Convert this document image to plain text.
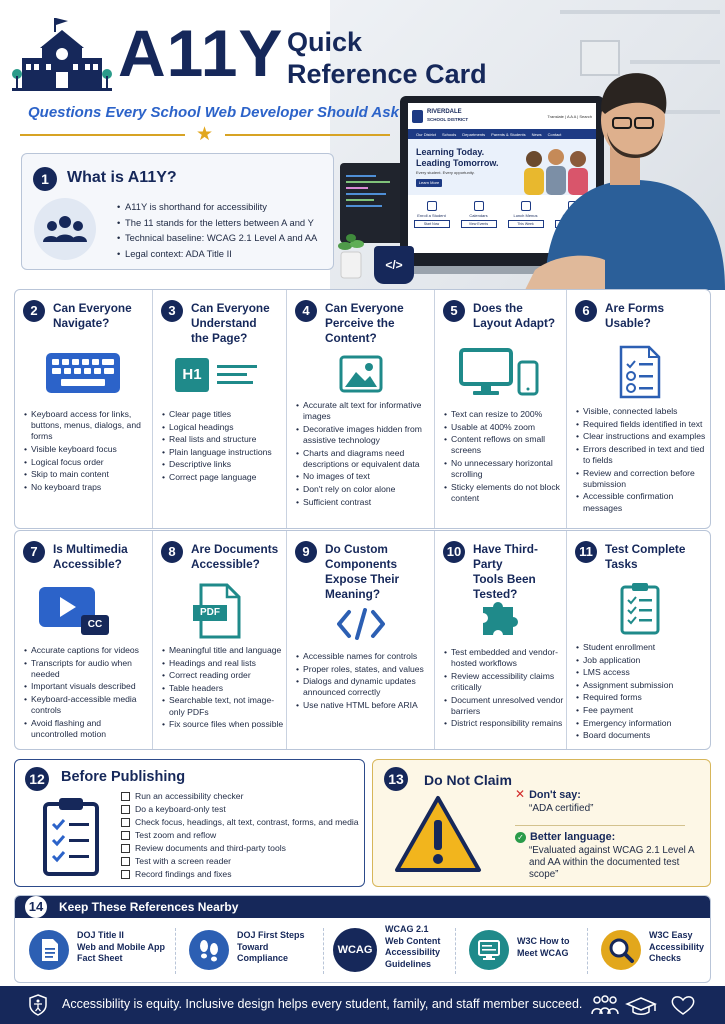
A11Y Quick
Reference Card
Questions Every School Web Developer Should Ask
★
RIVERDALE
SCHOOL DISTRICT
Translate | A A A | Search
Our District Schools Departments Parents & Students News Contact
Learning Today.
Leading Tomorrow.
Every student. Every opportunity.
Learn More
Enroll a Student
Start Now
Calendars
View Events
Lunch Menus
This Week
</>
1	What is A11Y?
• A11Y is shorthand for accessibility
• The 11 stands for the letters between A and Y
• Technical baseline: WCAG 2.1 Level A and AA
• Legal context: ADA Title II
2	Can Everyone
Navigate?
• Keyboard access for links, buttons, menus, dialogs, and forms
• Visible keyboard focus
• Logical focus order
• Skip to main content
• No keyboard traps
3	Can Everyone
Understand
the Page?
H1
• Clear page titles
• Logical headings
• Real lists and structure
• Plain language instructions
• Descriptive links
• Correct page language
4	Can Everyone
Perceive the
Content?
• Accurate alt text for informative images
• Decorative images hidden from assistive technology
• Charts and diagrams need descriptions or equivalent data
• No images of text
• Don't rely on color alone
• Sufficient contrast
5	Does the
Layout Adapt?
• Text can resize to 200%
• Usable at 400% zoom
• Content reflows on small screens
• No unnecessary horizontal scrolling
• Sticky elements do not block content
6	Are Forms
Usable?
• Visible, connected labels
• Required fields identified in text
• Clear instructions and examples
• Errors described in text and tied to fields
• Review and correction before submission
• Accessible confirmation messages
7	Is Multimedia
Accessible?
CC
• Accurate captions for videos
• Transcripts for audio when needed
• Important visuals described
• Keyboard-accessible media controls
• Avoid flashing and uncontrolled motion
8	Are Documents
Accessible?
PDF
• Meaningful title and language
• Headings and real lists
• Correct reading order
• Table headers
• Searchable text, not image-only PDFs
• Fix source files when possible
9	Do Custom
Components
Expose Their
Meaning?
• Accessible names for controls
• Proper roles, states, and values
• Dialogs and dynamic updates announced correctly
• Use native HTML before ARIA
10 Have Third-Party
Tools Been
Tested?
• Test embedded and vendor-hosted workflows
• Review accessibility claims critically
• Document unresolved vendor barriers
• District responsibility remains
11	Test Complete
Tasks
• Student enrollment
• Job application
• LMS access
• Assignment submission
• Required forms
• Fee payment
• Emergency information
• Board documents
12 Before Publishing
Run an accessibility checker
Do a keyboard-only test
Check focus, headings, alt text, contrast, forms, and media
Test zoom and reflow
Review documents and third-party tools
Test with a screen reader
Record findings and fixes
13	Do Not Claim
✕ Don't say:
“ADA certified”
✓ Better language:
“Evaluated against WCAG 2.1 Level A and AA within the documented test scope”
14	Keep These References Nearby
DOJ Title II
Web and Mobile App
Fact Sheet
DOJ First Steps
Toward
Compliance
WCAG
WCAG 2.1
Web Content
Accessibility
Guidelines
W3C How to
Meet WCAG
W3C Easy
Accessibility
Checks
Accessibility is equity. Inclusive design helps every student, family, and staff member succeed.
